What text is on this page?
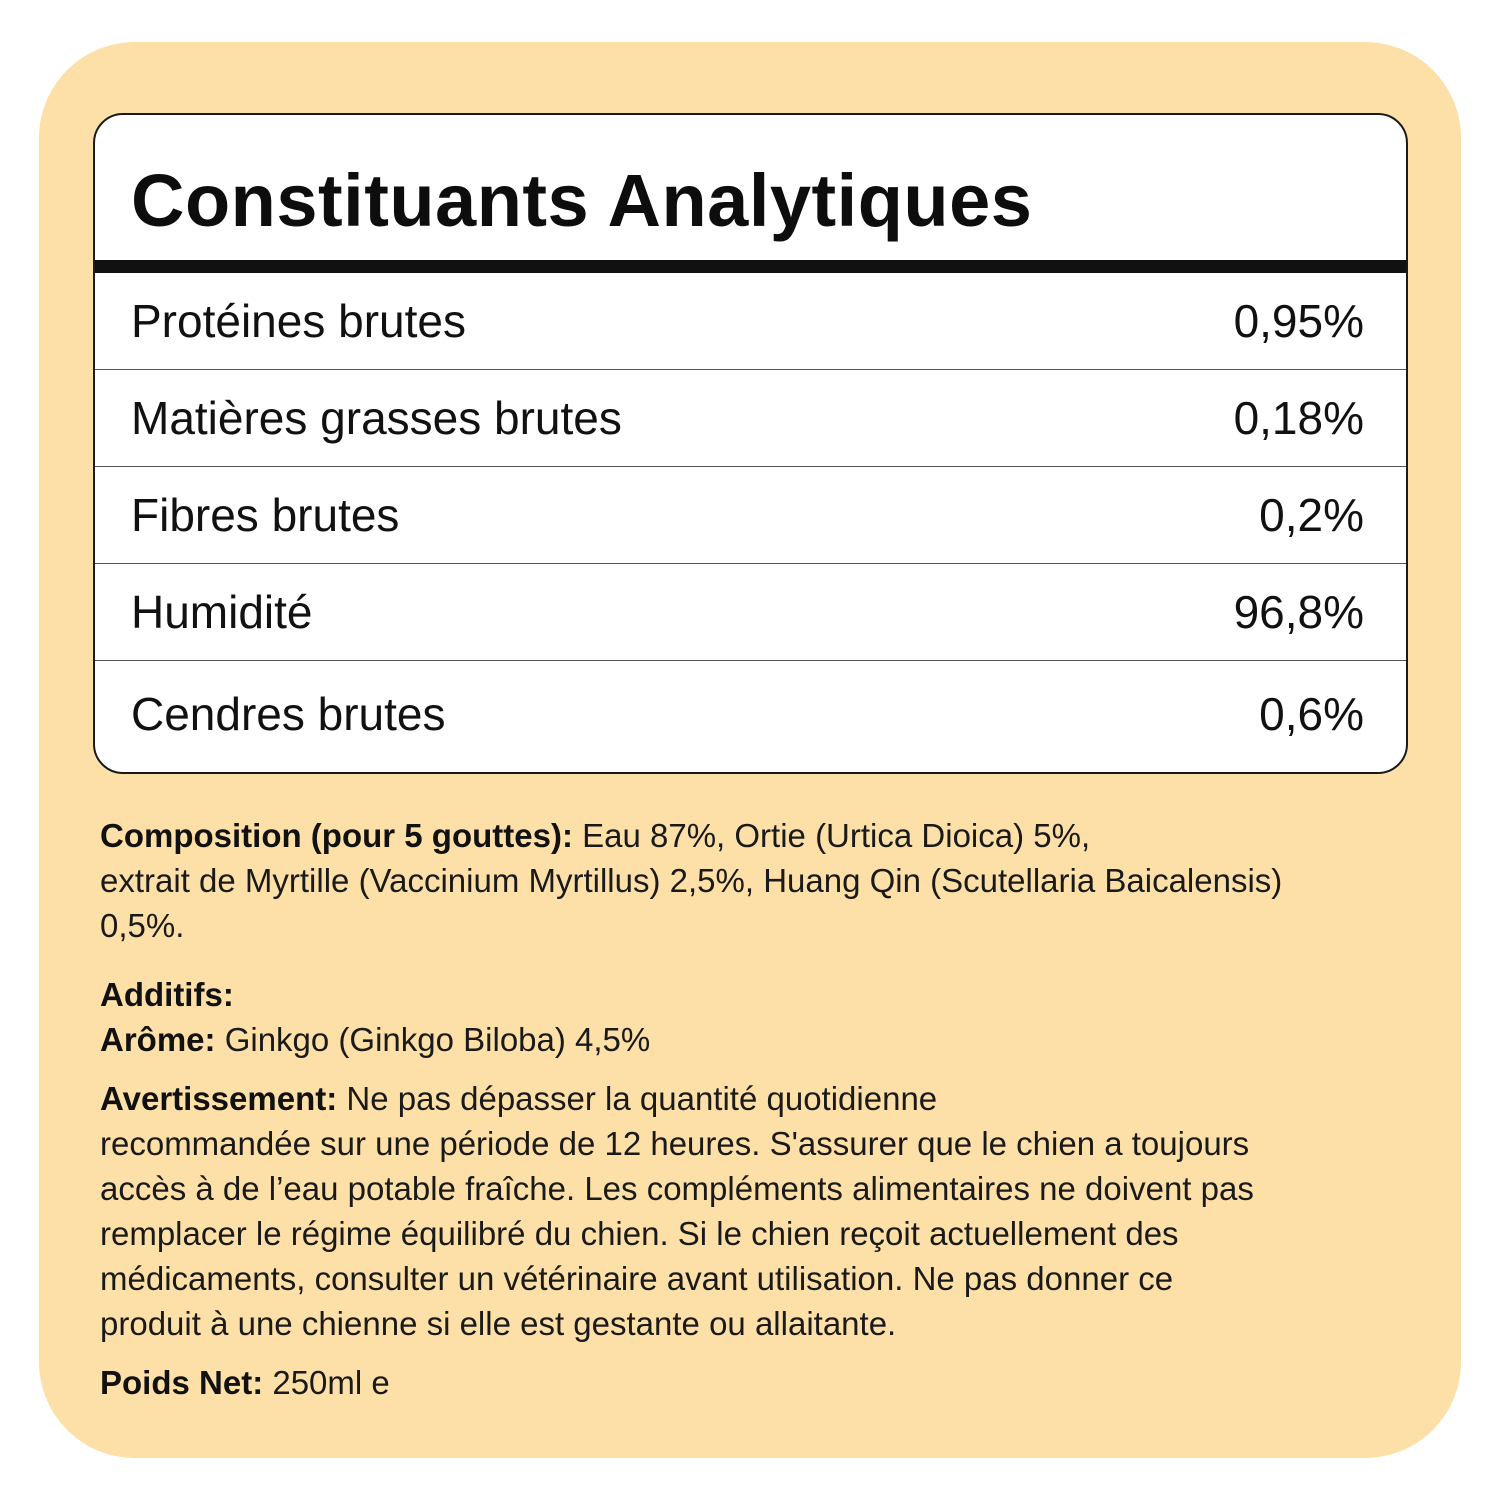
Constituants Analytiques
Protéines brutes	0,95%
Matières grasses brutes	0,18%
Fibres brutes	0,2%
Humidité	96,8%
Cendres brutes	0,6%
Composition (pour 5 gouttes): Eau 87%, Ortie (Urtica Dioica) 5%,
extrait de Myrtille (Vaccinium Myrtillus) 2,5%, Huang Qin (Scutellaria Baicalensis)
0,5%.
Additifs:
Arôme: Ginkgo (Ginkgo Biloba) 4,5%
Avertissement: Ne pas dépasser la quantité quotidienne
recommandée sur une période de 12 heures. S'assurer que le chien a toujours
accès à de l’eau potable fraîche. Les compléments alimentaires ne doivent pas
remplacer le régime équilibré du chien. Si le chien reçoit actuellement des
médicaments, consulter un vétérinaire avant utilisation. Ne pas donner ce
produit à une chienne si elle est gestante ou allaitante.
Poids Net: 250ml e
